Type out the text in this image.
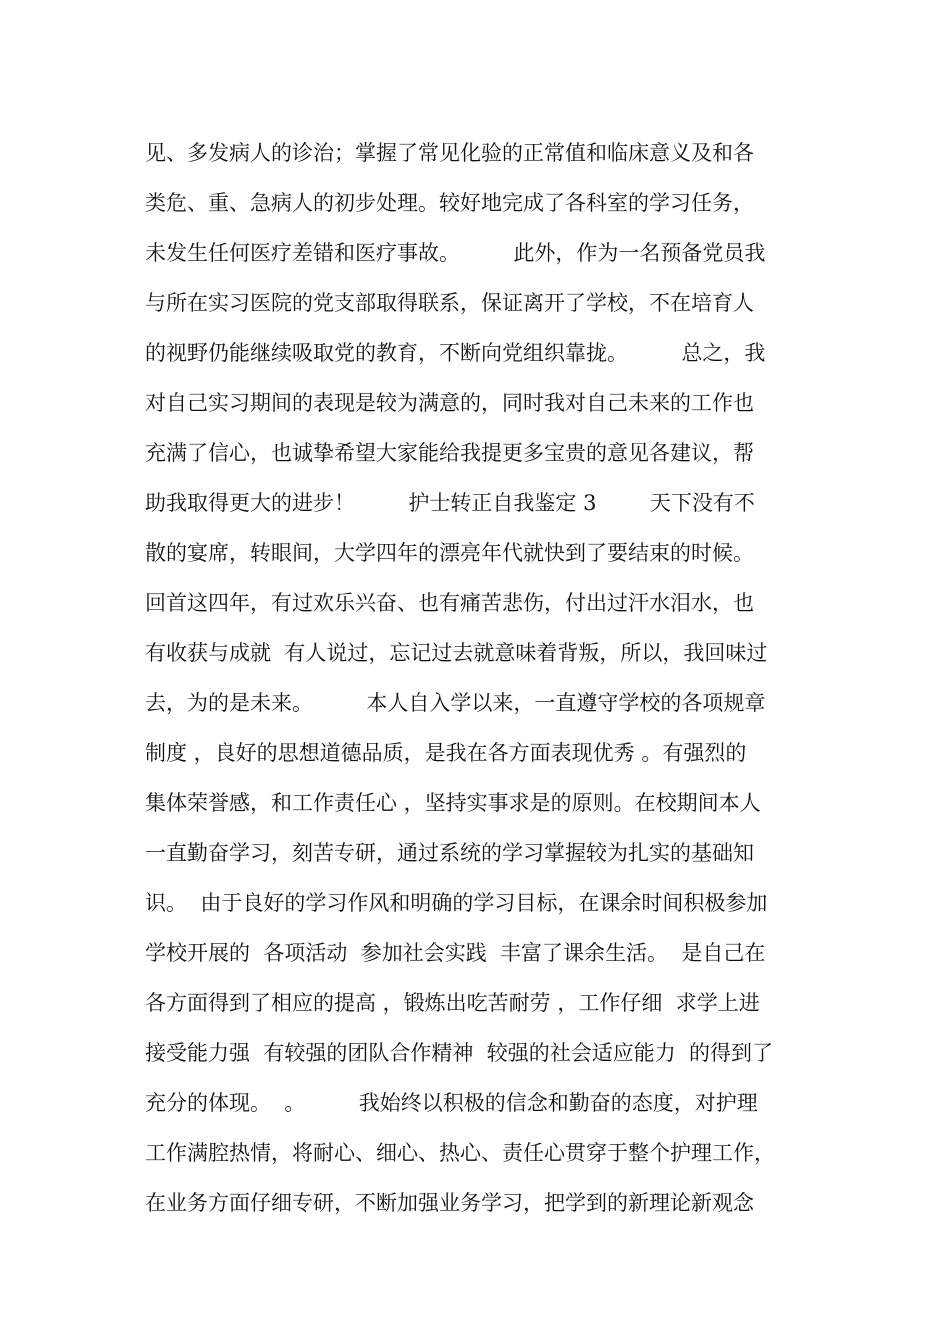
见、多发病人的诊治；掌握了常见化验的正常值和临床意义及和各
类危、重、急病人的初步处理。较好地完成了各科室的学习任务，
未发生任何医疗差错和医疗事故。        此外，作为一名预备党员我
与所在实习医院的党支部取得联系，保证离开了学校，不在培育人
的视野仍能继续吸取党的教育，不断向党组织靠拢。        总之，我
对自己实习期间的表现是较为满意的，同时我对自己未来的工作也
充满了信心，也诚挚希望大家能给我提更多宝贵的意见各建议，帮
助我取得更大的进步！        护士转正自我鉴定 3        天下没有不
散的宴席，转眼间，大学四年的漂亮年代就快到了要结束的时候。
回首这四年，有过欢乐兴奋、也有痛苦悲伤，付出过汗水泪水，也
有收获与成就  有人说过，忘记过去就意味着背叛，所以，我回味过
去，为的是未来。        本人自入学以来，一直遵守学校的各项规章
制度 ，良好的思想道德品质，是我在各方面表现优秀 。有强烈的
集体荣誉感，和工作责任心 ，坚持实事求是的原则。在校期间本人
一直勤奋学习，刻苦专研，通过系统的学习掌握较为扎实的基础知
识。  由于良好的学习作风和明确的学习目标，在课余时间积极参加
学校开展的  各项活动  参加社会实践  丰富了课余生活。  是自己在
各方面得到了相应的提高 ，锻炼出吃苦耐劳 ，工作仔细  求学上进
接受能力强  有较强的团队合作精神  较强的社会适应能力  的得到了
充分的体现。  。        我始终以积极的信念和勤奋的态度，对护理
工作满腔热情，将耐心、细心、热心、责任心贯穿于整个护理工作，
在业务方面仔细专研，不断加强业务学习，把学到的新理论新观念
